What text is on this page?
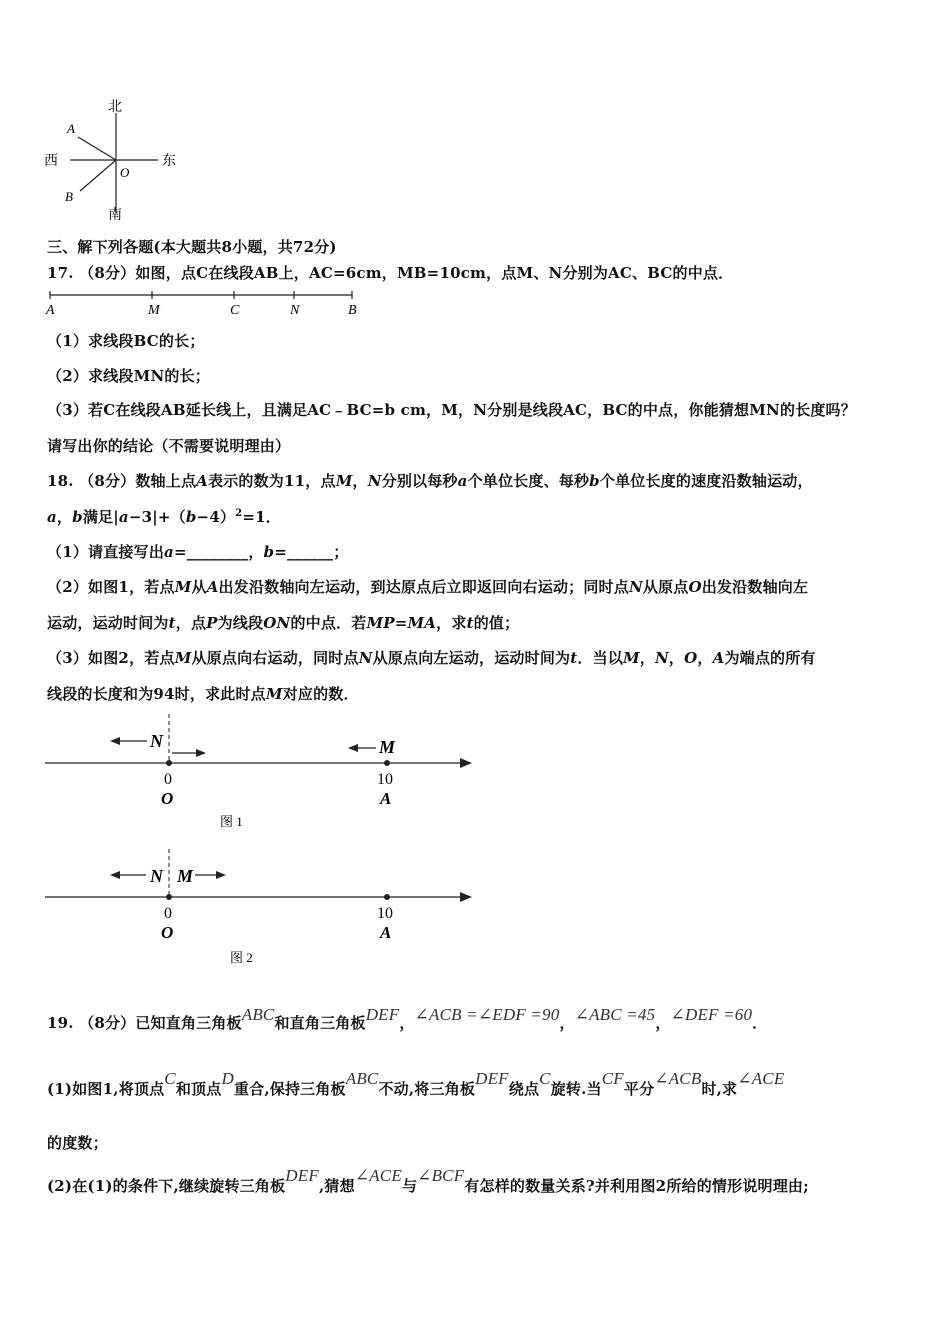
北
南
西	东
A
B
O
三、解下列各题(本大题共8小题，共72分)
17. （8分）如图，点C在线段AB上，AC=6cm，MB=10cm，点M、N分别为AC、BC的中点．
A	M	C	N	B
（1）求线段BC的长；
（2）求线段MN的长；
（3）若C在线段AB延长线上，且满足AC﹣BC=b cm，M，N分别是线段AC，BC的中点，你能猜想MN的长度吗？
请写出你的结论（不需要说明理由）
18. （8分）数轴上点A表示的数为11，点M，N分别以每秒a个单位长度、每秒b个单位长度的速度沿数轴运动，
a，b满足$|a-3|+(b-4)^2=1$．
（1）请直接写出a=________，b=______；
（2）如图1，若点M从A出发沿数轴向左运动，到达原点后立即返回向右运动；同时点N从原点O出发沿数轴向左
运动，运动时间为t，点P为线段ON的中点．若MP=MA，求t的值；
（3）如图2，若点M从原点向右运动，同时点N从原点向左运动，运动时间为t．当以M，N，O，A为端点的所有
线段的长度和为94时，求此时点M对应的数．
N	M
0	10
O	A
图 1
N M
0	10
O	A
图 2
19. （8分）已知直角三角板ABC和直角三角板DEF，∠ACB =∠EDF =90，∠ABC =45，∠DEF =60．
(1)如图1,将顶点C和顶点D重合,保持三角板ABC不动,将三角板DEF绕点C旋转.当CF平分∠ACB时,求∠ACE
的度数；
(2)在(1)的条件下,继续旋转三角板DEF,猜想∠ACE与∠BCF有怎样的数量关系?并利用图2所给的情形说明理由;
